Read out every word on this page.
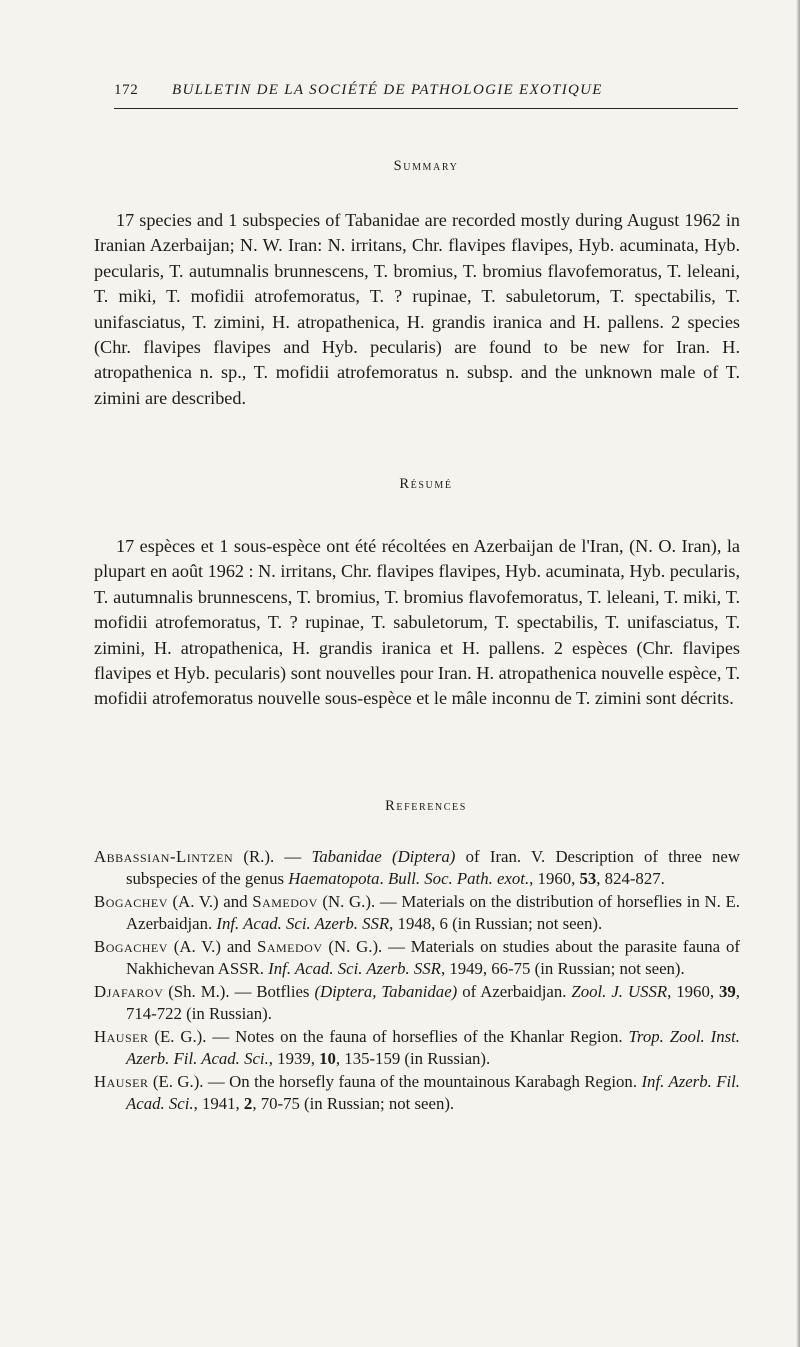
172 BULLETIN DE LA SOCIÉTÉ DE PATHOLOGIE EXOTIQUE
Summary

17 species and 1 subspecies of Tabanidae are recorded mostly during August 1962 in Iranian Azerbaijan; N. W. Iran: N. irritans, Chr. flavipes flavipes, Hyb. acuminata, Hyb. pecularis, T. autumnalis brunnescens, T. bromius, T. bromius flavofemoratus, T. leleani, T. miki, T. mofidii atrofemoratus, T. ? rupinae, T. sabuletorum, T. spectabilis, T. unifasciatus, T. zimini, H. atropathenica, H. grandis iranica and H. pallens. 2 species (Chr. flavipes flavipes and Hyb. pecularis) are found to be new for Iran. H. atropathenica n. sp., T. mofidii atrofemoratus n. subsp. and the unknown male of T. zimini are described.

Résumé

17 espèces et 1 sous-espèce ont été récoltées en Azerbaijan de l'Iran, (N. O. Iran), la plupart en août 1962 : N. irritans, Chr. flavipes flavipes, Hyb. acuminata, Hyb. pecularis, T. autumnalis brunnescens, T. bromius, T. bromius flavofemoratus, T. leleani, T. miki, T. mofidii atrofemoratus, T. ? rupinae, T. sabuletorum, T. spectabilis, T. unifasciatus, T. zimini, H. atropathenica, H. grandis iranica et H. pallens. 2 espèces (Chr. flavipes flavipes et Hyb. pecularis) sont nouvelles pour Iran. H. atropathenica nouvelle espèce, T. mofidii atrofemoratus nouvelle sous-espèce et le mâle inconnu de T. zimini sont décrits.

References
Abbassian-Lintzen (R.). — Tabanidae (Diptera) of Iran. V. Description of three new subspecies of the genus Haematopota. Bull. Soc. Path. exot., 1960, 53, 824-827.
Bogachev (A. V.) and Samedov (N. G.). — Materials on the distribution of horseflies in N. E. Azerbaidjan. Inf. Acad. Sci. Azerb. SSR, 1948, 6 (in Russian; not seen).
Bogachev (A. V.) and Samedov (N. G.). — Materials on studies about the parasite fauna of Nakhichevan ASSR. Inf. Acad. Sci. Azerb. SSR, 1949, 66-75 (in Russian; not seen).
Djafarov (Sh. M.). — Botflies (Diptera, Tabanidae) of Azerbaidjan. Zool. J. USSR, 1960, 39, 714-722 (in Russian).
Hauser (E. G.). — Notes on the fauna of horseflies of the Khanlar Region. Trop. Zool. Inst. Azerb. Fil. Acad. Sci., 1939, 10, 135-159 (in Russian).
Hauser (E. G.). — On the horsefly fauna of the mountainous Karabagh Region. Inf. Azerb. Fil. Acad. Sci., 1941, 2, 70-75 (in Russian; not seen).
